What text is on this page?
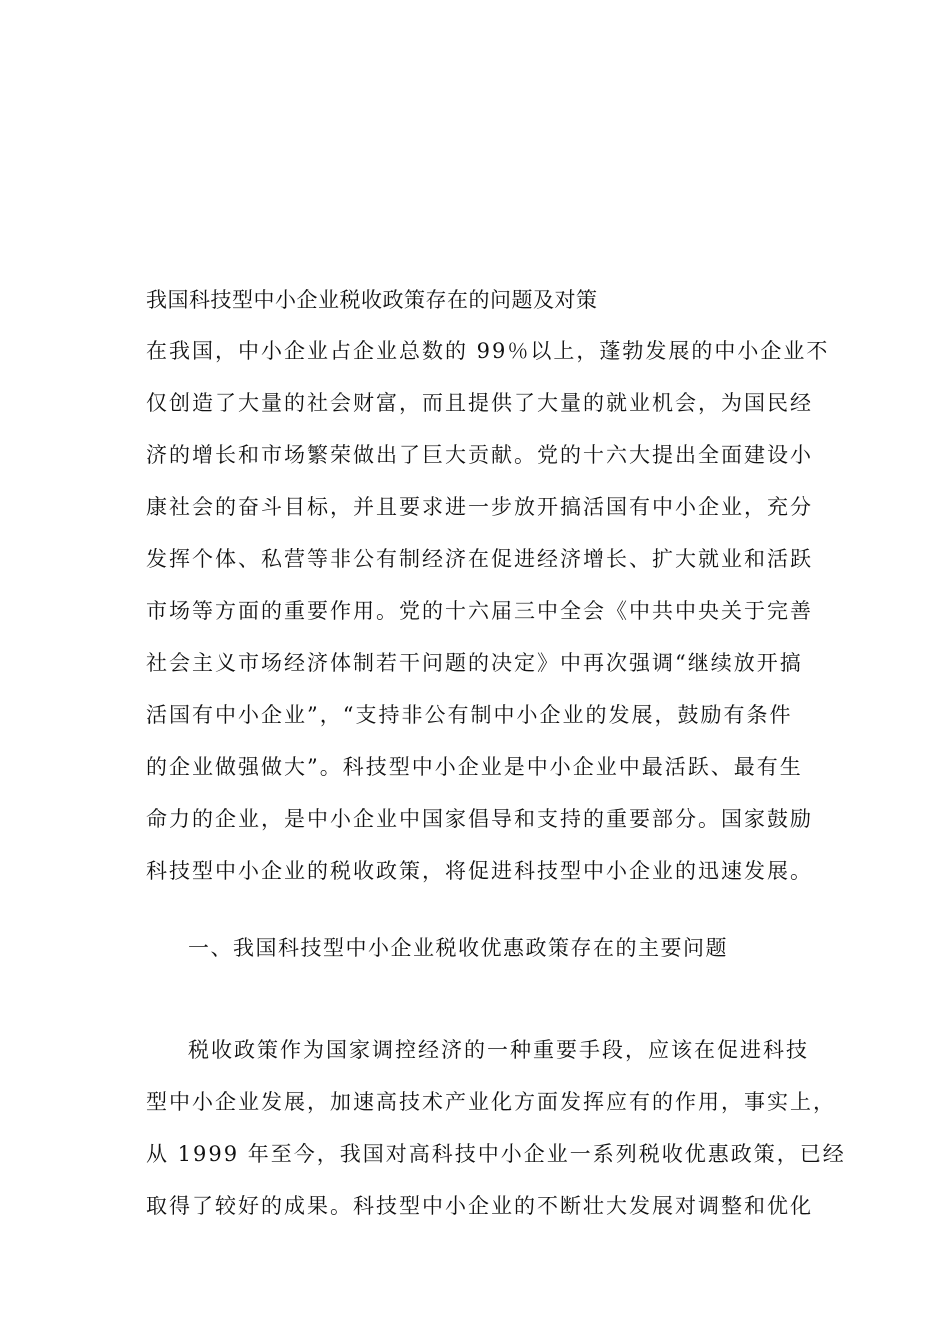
我国科技型中小企业税收政策存在的问题及对策
在我国，中小企业占企业总数的 99％以上，蓬勃发展的中小企业不
仅创造了大量的社会财富，而且提供了大量的就业机会，为国民经
济的增长和市场繁荣做出了巨大贡献。党的十六大提出全面建设小
康社会的奋斗目标，并且要求进一步放开搞活国有中小企业，充分
发挥个体、私营等非公有制经济在促进经济增长、扩大就业和活跃
市场等方面的重要作用。党的十六届三中全会《中共中央关于完善
社会主义市场经济体制若干问题的决定》中再次强调“继续放开搞
活国有中小企业”，“支持非公有制中小企业的发展，鼓励有条件
的企业做强做大”。科技型中小企业是中小企业中最活跃、最有生
命力的企业，是中小企业中国家倡导和支持的重要部分。国家鼓励
科技型中小企业的税收政策，将促进科技型中小企业的迅速发展。
一、我国科技型中小企业税收优惠政策存在的主要问题
税收政策作为国家调控经济的一种重要手段，应该在促进科技
型中小企业发展，加速高技术产业化方面发挥应有的作用，事实上，
从 1999 年至今，我国对高科技中小企业一系列税收优惠政策，已经
取得了较好的成果。科技型中小企业的不断壮大发展对调整和优化
